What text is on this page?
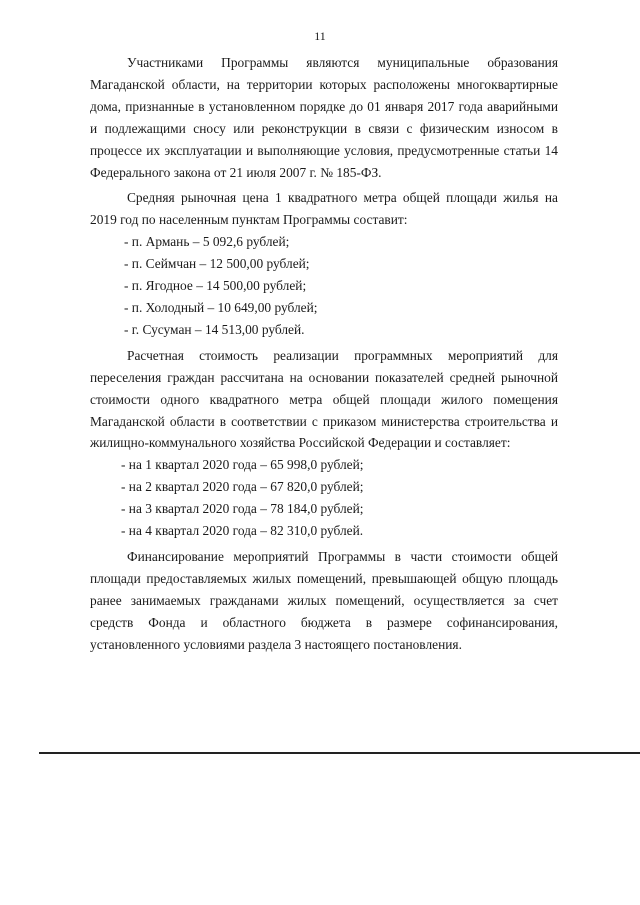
11

Участниками Программы являются муниципальные образования Магаданской области, на территории которых расположены многоквартирные дома, признанные в установленном порядке до 01 января 2017 года аварийными и подлежащими сносу или реконструкции в связи с физическим износом в процессе их эксплуатации и выполняющие условия, предусмотренные статьи 14 Федерального закона от 21 июля 2007 г. № 185-ФЗ.

Средняя рыночная цена 1 квадратного метра общей площади жилья на 2019 год по населенным пунктам Программы составит:

- п. Армань – 5 092,6 рублей;
- п. Сеймчан – 12 500,00 рублей;
- п. Ягодное – 14 500,00 рублей;
- п. Холодный – 10 649,00 рублей;
- г. Сусуман – 14 513,00 рублей.

Расчетная стоимость реализации программных мероприятий для переселения граждан рассчитана на основании показателей средней рыночной стоимости одного квадратного метра общей площади жилого помещения Магаданской области в соответствии с приказом министерства строительства и жилищно-коммунального хозяйства Российской Федерации и составляет:

- на 1 квартал 2020 года – 65 998,0 рублей;
- на 2 квартал 2020 года – 67 820,0 рублей;
- на 3 квартал 2020 года – 78 184,0 рублей;
- на 4 квартал 2020 года – 82 310,0 рублей.

Финансирование мероприятий Программы в части стоимости общей площади предоставляемых жилых помещений, превышающей общую площадь ранее занимаемых гражданами жилых помещений, осуществляется за счет средств Фонда и областного бюджета в размере софинансирования, установленного условиями раздела 3 настоящего постановления.
